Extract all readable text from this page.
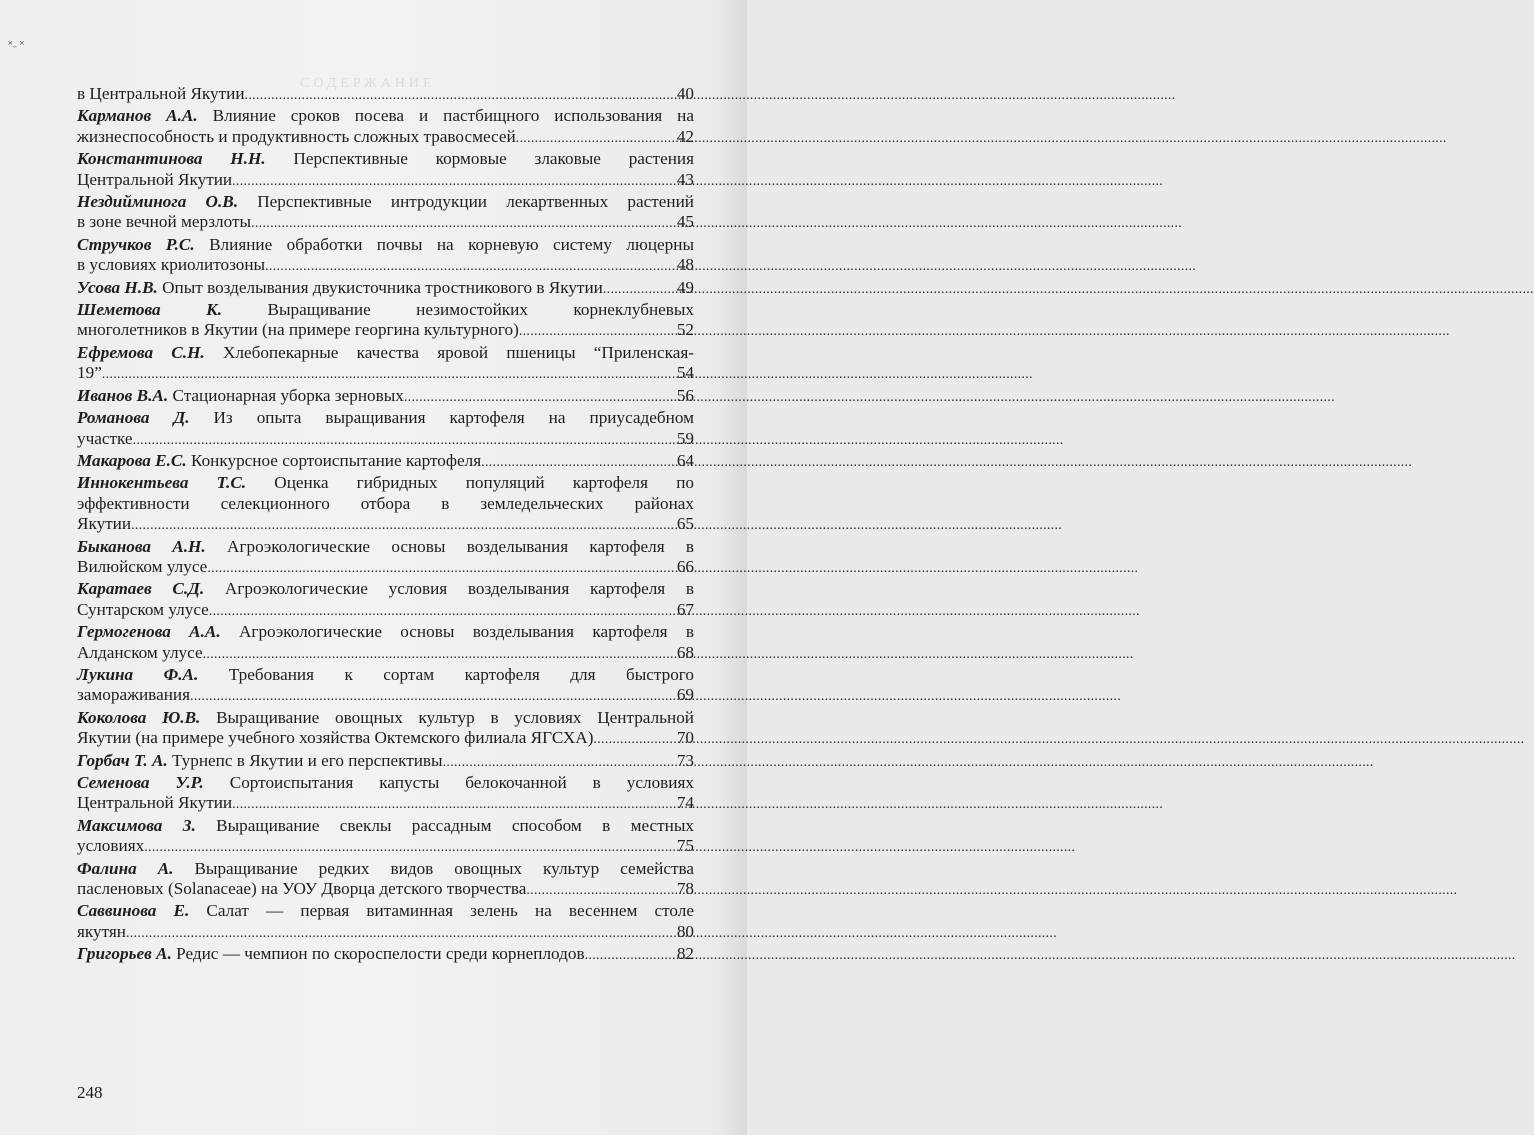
˟˗ ˟
СОДЕРЖАНИЕ
в Центральной Якутии .....	40
Карманов А.А. Влияние сроков посева и пастбищного использования на
жизнеспособность и продуктивность сложных травосмесей .....	42
Константинова Н.Н. Перспективные кормовые злаковые растения
Центральной Якутии .....	43
Нездийминога О.В. Перспективные интродукции лекартвенных растений
в зоне вечной мерзлоты .....	45
Стручков Р.С. Влияние обработки почвы на корневую систему люцерны
в условиях криолитозоны .....	48
Усова Н.В. Опыт возделывания двукисточника тростникового в Якутии .....	49
Шеметова К.	Выращивание незимостойких корнеклубневых
многолетников в Якутии (на примере георгина культурного) .....	52
Ефремова С.Н. Хлебопекарные качества яровой пшеницы “Приленская-
19” .....	54
Иванов В.А. Стационарная уборка зерновых .....	56
Романова Д. Из опыта выращивания картофеля на приусадебном
участке .....	59
Макарова Е.С. Конкурсное сортоиспытание картофеля .....	64
Иннокентьева Т.С. Оценка гибридных популяций картофеля по
эффективности селекционного отбора в земледельческих районах
Якутии .....	65
Быканова А.Н. Агроэкологические основы возделывания картофеля в
Вилюйском улусе .....	66
Каратаев С.Д. Агроэкологические условия возделывания картофеля в
Сунтарском улусе .....	67
Гермогенова А.А. Агроэкологические основы возделывания картофеля в
Алданском улусе .....	68
Лукина Ф.А. Требования к сортам картофеля для быстрого
замораживания .....	69
Коколова Ю.В. Выращивание овощных культур в условиях Центральной
Якутии (на примере учебного хозяйства Октемского филиала ЯГСХА) .....	70
Горбач Т. А. Турнепс в Якутии и его перспективы .....	73
Семенова У.Р. Сортоиспытания капусты белокочанной в условиях
Центральной Якутии .....	74
Максимова З. Выращивание свеклы рассадным способом в местных
условиях .....	75
Фалина А. Выращивание редких видов овощных культур семейства
пасленовых (Solanaceae) на УОУ Дворца детского творчества .....	78
Саввинова Е. Салат — первая витаминная зелень на весеннем столе
якутян .....	80
Григорьев А. Редис — чемпион по скороспелости среди корнеплодов .....	82
248
